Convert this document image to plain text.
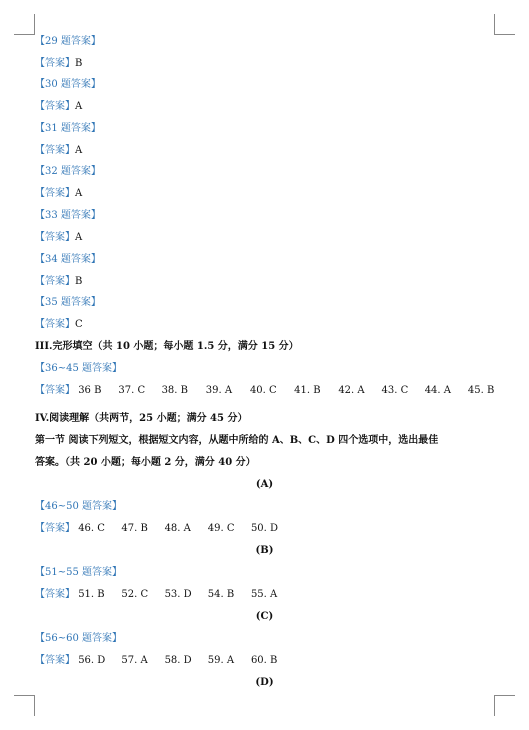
【29 题答案】
【答案】B
【30 题答案】
【答案】A
【31 题答案】
【答案】A
【32 题答案】
【答案】A
【33 题答案】
【答案】A
【34 题答案】
【答案】B
【35 题答案】
【答案】C
III.完形填空（共 10 小题；每小题 1.5 分，满分 15 分）
【36~45 题答案】
【答案】 36 B 37. C 38. B 39. A 40. C 41. B 42. A 43. C 44. A 45. B
IV.阅读理解（共两节，25 小题；满分 45 分）
第一节 阅读下列短文，根据短文内容，从题中所给的 A、B、C、D 四个选项中，选出最佳
答案。（共 20 小题；每小题 2 分，满分 40 分）
(A)
【46~50 题答案】
【答案】 46. C 47. B 48. A 49. C 50. D
(B)
【51~55 题答案】
【答案】 51. B 52. C 53. D 54. B 55. A
(C)
【56~60 题答案】
【答案】 56. D 57. A 58. D 59. A 60. B
(D)
